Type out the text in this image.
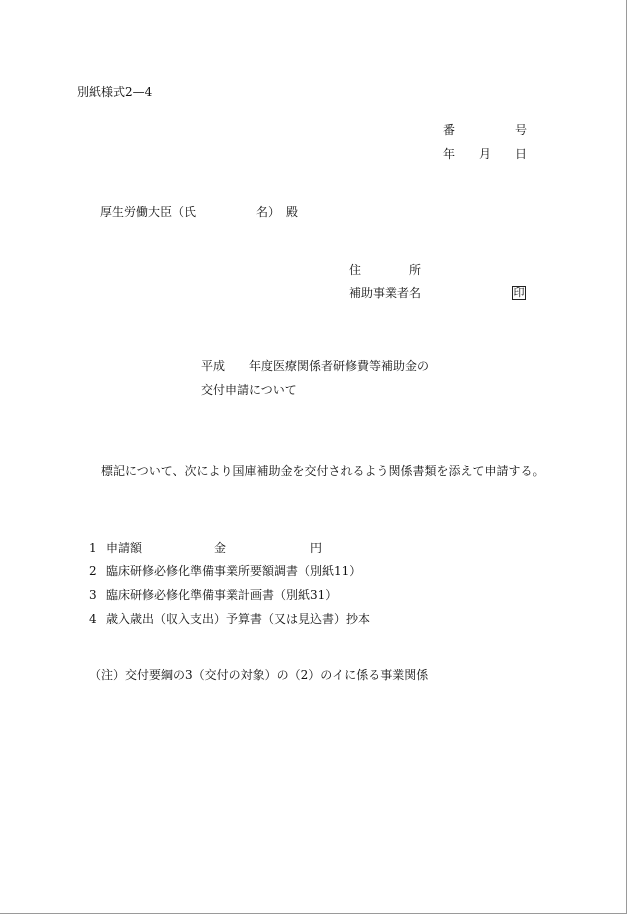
別紙様式2—4
番　　　　　号
年　　月　　日
厚生労働大臣（氏　　　　　名）　殿
住　　　　所
補助事業者名	印
平成　　年度医療関係者研修費等補助金の
交付申請について
標記について、次により国庫補助金を交付されるよう関係書類を添えて申請する。
1 申請額　　　　　　金　　　　　　　円
2 臨床研修必修化準備事業所要額調書（別紙11）
3 臨床研修必修化準備事業計画書（別紙31）
4 歳入歳出（収入支出）予算書（又は見込書）抄本
（注） 交付要綱の3（交付の対象）の（2）のイに係る事業関係
